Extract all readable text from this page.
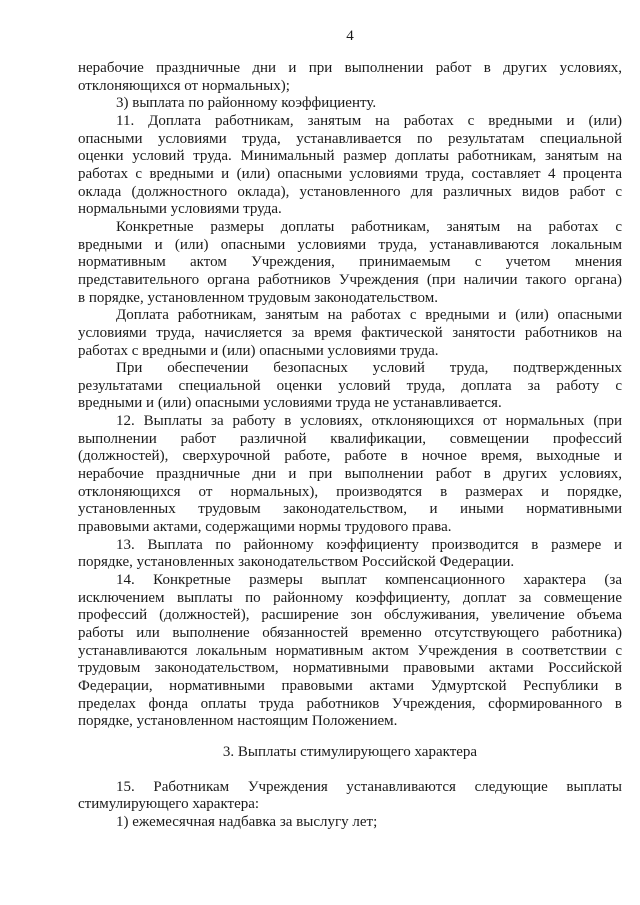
4
нерабочие праздничные дни и при выполнении работ в других условиях,
отклоняющихся от нормальных);
3) выплата по районному коэффициенту.
11. Доплата работникам, занятым на работах с вредными и (или)
опасными условиями труда, устанавливается по результатам специальной
оценки условий труда. Минимальный размер доплаты работникам, занятым на
работах с вредными и (или) опасными условиями труда, составляет 4 процента
оклада (должностного оклада), установленного для различных видов работ с
нормальными условиями труда.
Конкретные размеры доплаты работникам, занятым на работах с
вредными и (или) опасными условиями труда, устанавливаются локальным
нормативным актом Учреждения, принимаемым с учетом мнения
представительного органа работников Учреждения (при наличии такого органа)
в порядке, установленном трудовым законодательством.
Доплата работникам, занятым на работах с вредными и (или) опасными
условиями труда, начисляется за время фактической занятости работников на
работах с вредными и (или) опасными условиями труда.
При обеспечении безопасных условий труда, подтвержденных
результатами специальной оценки условий труда, доплата за работу с
вредными и (или) опасными условиями труда не устанавливается.
12. Выплаты за работу в условиях, отклоняющихся от нормальных (при
выполнении работ различной квалификации, совмещении профессий
(должностей), сверхурочной работе, работе в ночное время, выходные и
нерабочие праздничные дни и при выполнении работ в других условиях,
отклоняющихся от нормальных), производятся в размерах и порядке,
установленных трудовым законодательством, и иными нормативными
правовыми актами, содержащими нормы трудового права.
13. Выплата по районному коэффициенту производится в размере и
порядке, установленных законодательством Российской Федерации.
14. Конкретные размеры выплат компенсационного характера (за
исключением выплаты по районному коэффициенту, доплат за совмещение
профессий (должностей), расширение зон обслуживания, увеличение объема
работы или выполнение обязанностей временно отсутствующего работника)
устанавливаются локальным нормативным актом Учреждения в соответствии с
трудовым законодательством, нормативными правовыми актами Российской
Федерации, нормативными правовыми актами Удмуртской Республики в
пределах фонда оплаты труда работников Учреждения, сформированного в
порядке, установленном настоящим Положением.
3. Выплаты стимулирующего характера
15. Работникам Учреждения устанавливаются следующие выплаты
стимулирующего характера:
1) ежемесячная надбавка за выслугу лет;
